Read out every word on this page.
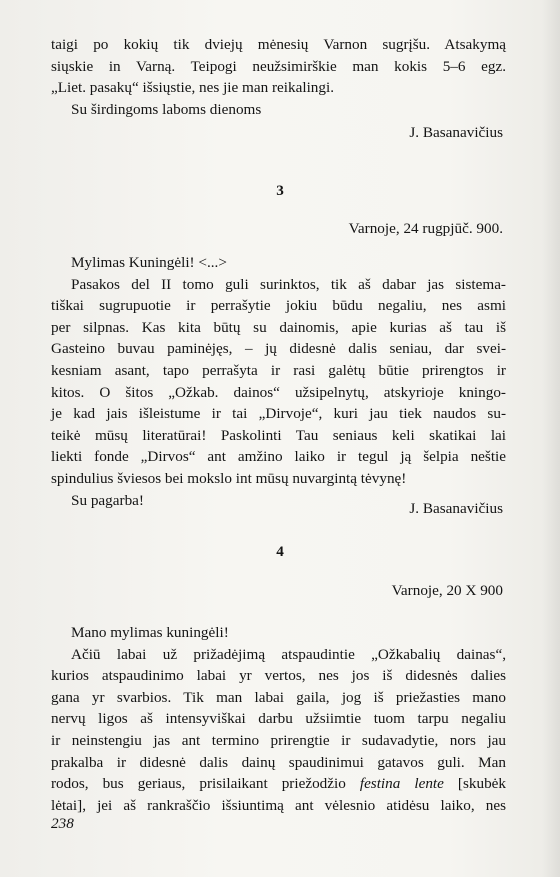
taigi po kokių tik dviejų mėnesių Varnon sugrįšu. Atsakymą
siųskie in Varną. Teipogi neužsimirškie man kokis 5–6 egz.
„Liet. pasakų“ išsiųstie, nes jie man reikalingi.
Su širdingoms laboms dienoms
J. Basanavičius
3
Varnoje, 24 rugpjūč. 900.
Mylimas Kuningėli! <...>
Pasakos del II tomo guli surinktos, tik aš dabar jas sistema-
tiškai sugrupuotie ir perrašytie jokiu būdu negaliu, nes asmi
per silpnas. Kas kita būtų su dainomis, apie kurias aš tau iš
Gasteino buvau paminėjęs, – jų didesnė dalis seniau, dar svei-
kesniam asant, tapo perrašyta ir rasi galėtų būtie prirengtos ir
kitos. O šitos „Ožkab. dainos“ užsipelnytų, atskyrioje kningo-
je kad jais išleistume ir tai „Dirvoje“, kuri jau tiek naudos su-
teikė mūsų literatūrai! Paskolinti Tau seniaus keli skatikai lai
liekti fonde „Dirvos“ ant amžino laiko ir tegul ją šelpia neštie
spindulius šviesos bei mokslo int mūsų nuvargintą tėvynę!
Su pagarba!	J. Basanavičius
4
Varnoje, 20 X 900
Mano mylimas kuningėli!
Ačiū labai už prižadėjimą atspaudintie „Ožkabalių dainas“,
kurios atspaudinimo labai yr vertos, nes jos iš didesnės dalies
gana yr svarbios. Tik man labai gaila, jog iš priežasties mano
nervų ligos aš intensyviškai darbu užsiimtie tuom tarpu negaliu
ir neinstengiu jas ant termino prirengtie ir sudavadytie, nors jau
prakalba ir didesnė dalis dainų spaudinimui gatavos guli. Man
rodos, bus geriaus, prisilaikant priežodžio festina lente [skubėk
lėtai], jei aš rankraščio išsiuntimą ant vėlesnio atidėsu laiko, nes
238
